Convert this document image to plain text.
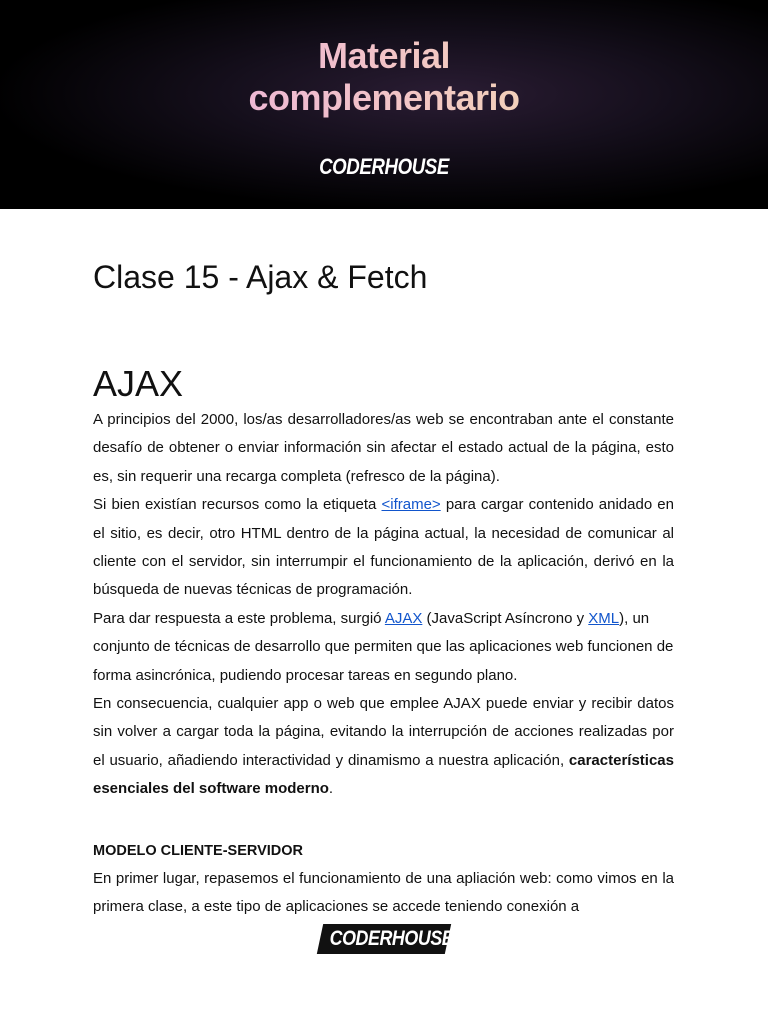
Material
complementario
CODERHOUSE
Clase 15 - Ajax & Fetch
AJAX

A principios del 2000, los/as desarrolladores/as web se encontraban ante el constante desafío de obtener o enviar información sin afectar el estado actual de la página, esto es, sin requerir una recarga completa (refresco de la página).

Si bien existían recursos como la etiqueta <iframe> para cargar contenido anidado en el sitio, es decir, otro HTML dentro de la página actual, la necesidad de comunicar al cliente con el servidor, sin interrumpir el funcionamiento de la aplicación, derivó en la búsqueda de nuevas técnicas de programación.

Para dar respuesta a este problema, surgió AJAX (JavaScript Asíncrono y XML), un conjunto de técnicas de desarrollo que permiten que las aplicaciones web funcionen de forma asincrónica, pudiendo procesar tareas en segundo plano.

En consecuencia, cualquier app o web que emplee AJAX puede enviar y recibir datos sin volver a cargar toda la página, evitando la interrupción de acciones realizadas por el usuario, añadiendo interactividad y dinamismo a nuestra aplicación, características esenciales del software moderno.

MODELO CLIENTE-SERVIDOR

En primer lugar, repasemos el funcionamiento de una apliación web: como vimos en la primera clase, a este tipo de aplicaciones se accede teniendo conexión a

CODERHOUSE
